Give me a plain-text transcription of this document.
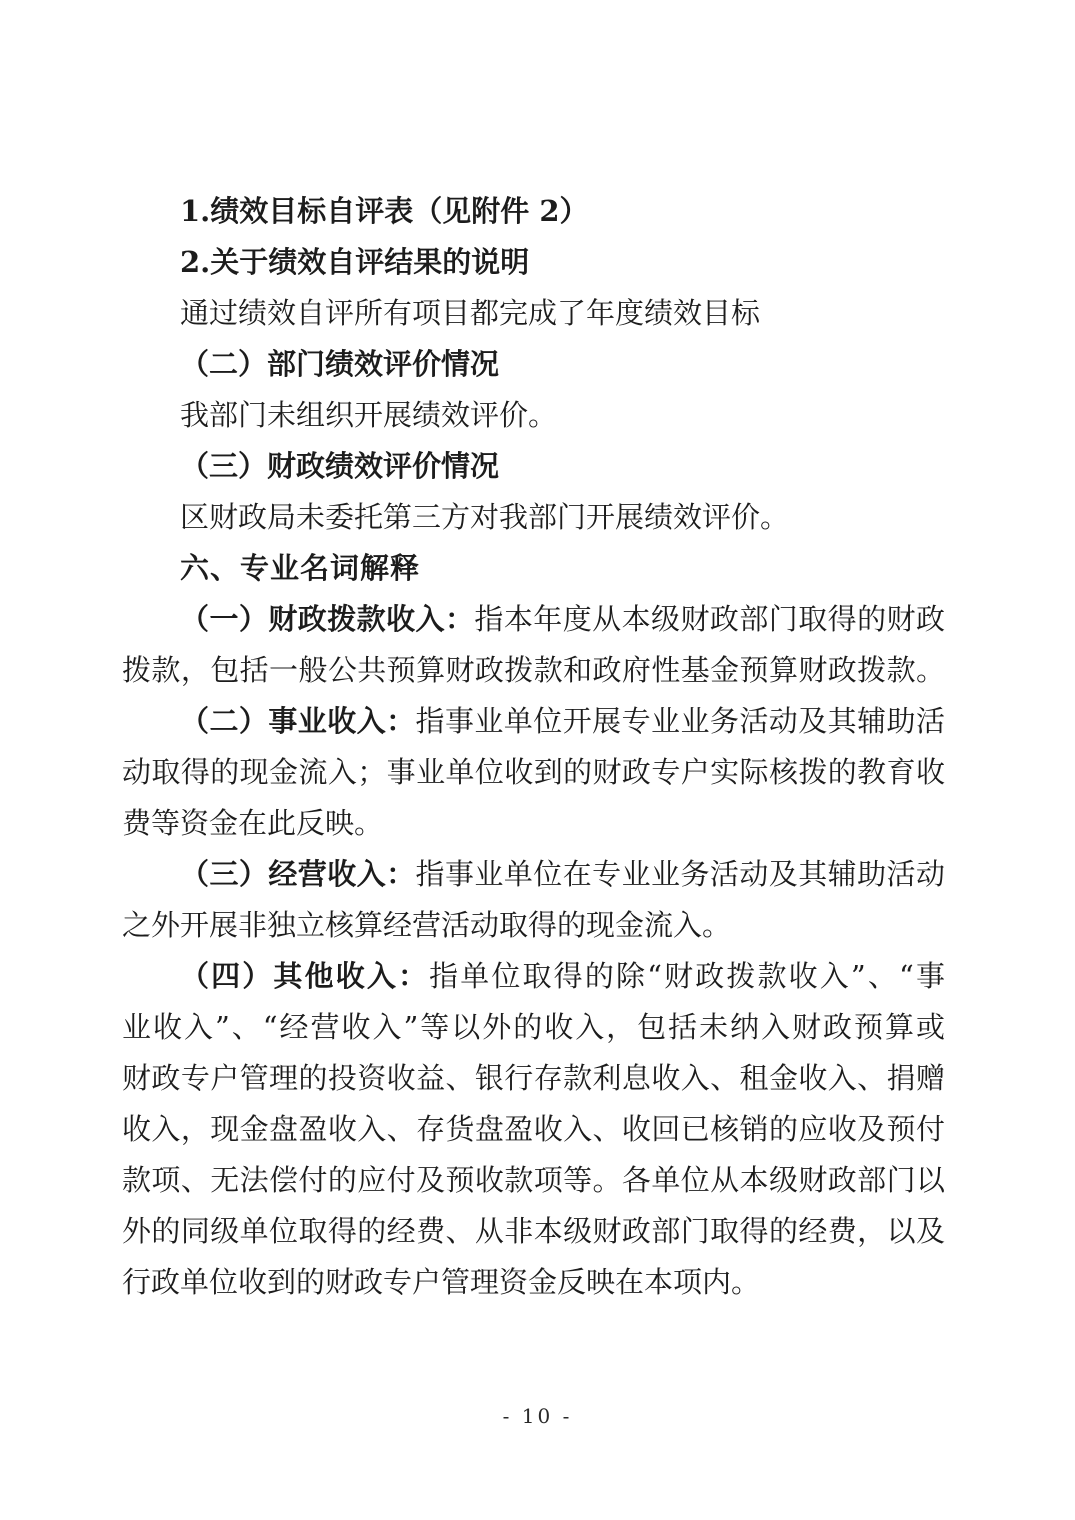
1.绩效目标自评表（见附件 2）
2.关于绩效自评结果的说明
通过绩效自评所有项目都完成了年度绩效目标
（二）部门绩效评价情况
我部门未组织开展绩效评价。
（三）财政绩效评价情况
区财政局未委托第三方对我部门开展绩效评价。
六、专业名词解释
（一）财政拨款收入：指本年度从本级财政部门取得的财政
拨款，包括一般公共预算财政拨款和政府性基金预算财政拨款。
（二）事业收入：指事业单位开展专业业务活动及其辅助活
动取得的现金流入；事业单位收到的财政专户实际核拨的教育收
费等资金在此反映。
（三）经营收入：指事业单位在专业业务活动及其辅助活动
之外开展非独立核算经营活动取得的现金流入。
（四）其他收入：指单位取得的除“财政拨款收入”、“事
业收入”、“经营收入”等以外的收入，包括未纳入财政预算或
财政专户管理的投资收益、银行存款利息收入、租金收入、捐赠
收入，现金盘盈收入、存货盘盈收入、收回已核销的应收及预付
款项、无法偿付的应付及预收款项等。各单位从本级财政部门以
外的同级单位取得的经费、从非本级财政部门取得的经费，以及
行政单位收到的财政专户管理资金反映在本项内。
- 10 -
